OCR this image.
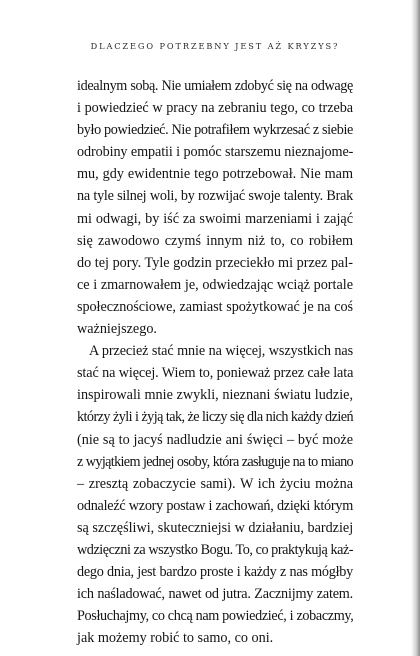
DLACZEGO POTRZEBNY JEST AŻ KRYZYS?
idealnym sobą. Nie umiałem zdobyć się na odwagę
i powiedzieć w pracy na zebraniu tego, co trzeba
było powiedzieć. Nie potrafiłem wykrzesać z siebie
odrobiny empatii i pomóc starszemu nieznajome-
mu, gdy ewidentnie tego potrzebował. Nie mam
na tyle silnej woli, by rozwijać swoje talenty. Brak
mi odwagi, by iść za swoimi marzeniami i zająć
się zawodowo czymś innym niż to, co robiłem
do tej pory. Tyle godzin przeciekło mi przez pal-
ce i zmarnowałem je, odwiedzając wciąż portale
społecznościowe, zamiast spożytkować je na coś
ważniejszego.
A przecież stać mnie na więcej, wszystkich nas
stać na więcej. Wiem to, ponieważ przez całe lata
inspirowali mnie zwykli, nieznani światu ludzie,
którzy żyli i żyją tak, że liczy się dla nich każdy dzień
(nie są to jacyś nadludzie ani święci – być może
z wyjątkiem jednej osoby, która zasługuje na to miano
– zresztą zobaczycie sami). W ich życiu można
odnaleźć wzory postaw i zachowań, dzięki którym
są szczęśliwi, skuteczniejsi w działaniu, bardziej
wdzięczni za wszystko Bogu. To, co praktykują każ-
dego dnia, jest bardzo proste i każdy z nas mógłby
ich naśladować, nawet od jutra. Zacznijmy zatem.
Posłuchajmy, co chcą nam powiedzieć, i zobaczmy,
jak możemy robić to samo, co oni.
